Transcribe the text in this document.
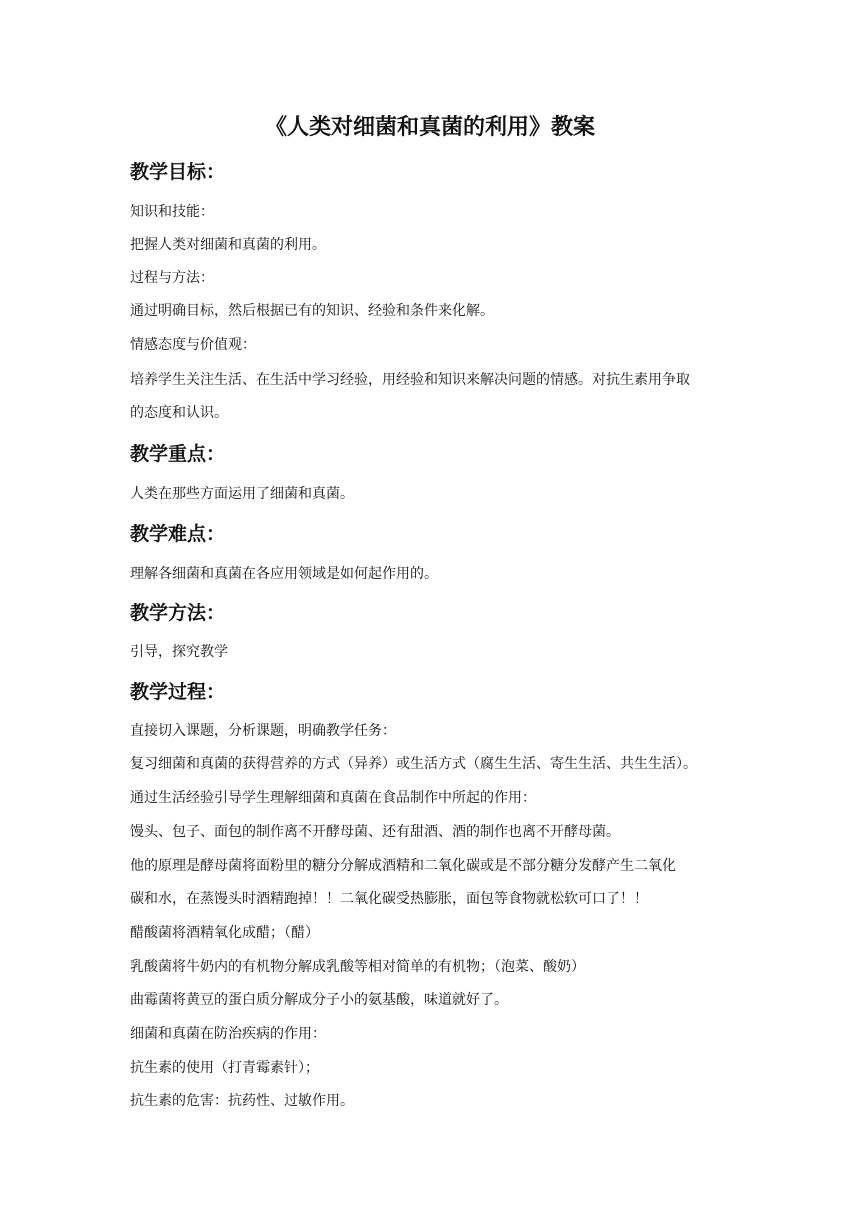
《人类对细菌和真菌的利用》教案
教学目标：
知识和技能：
把握人类对细菌和真菌的利用。
过程与方法：
通过明确目标，然后根据已有的知识、经验和条件来化解。
情感态度与价值观：
培养学生关注生活、在生活中学习经验，用经验和知识来解决问题的情感。对抗生素用争取
的态度和认识。
教学重点：
人类在那些方面运用了细菌和真菌。
教学难点：
理解各细菌和真菌在各应用领域是如何起作用的。
教学方法：
引导，探究教学
教学过程：
直接切入课题，分析课题，明确教学任务：
复习细菌和真菌的获得营养的方式（异养）或生活方式（腐生生活、寄生生活、共生生活）。
通过生活经验引导学生理解细菌和真菌在食品制作中所起的作用：
馒头、包子、面包的制作离不开酵母菌、还有甜酒、酒的制作也离不开酵母菌。
他的原理是酵母菌将面粉里的糖分分解成酒精和二氧化碳或是不部分糖分发酵产生二氧化
碳和水，在蒸馒头时酒精跑掉！！二氧化碳受热膨胀，面包等食物就松软可口了！！
醋酸菌将酒精氧化成醋；（醋）
乳酸菌将牛奶内的有机物分解成乳酸等相对简单的有机物；（泡菜、酸奶）
曲霉菌将黄豆的蛋白质分解成分子小的氨基酸，味道就好了。
细菌和真菌在防治疾病的作用：
抗生素的使用（打青霉素针）；
抗生素的危害：抗药性、过敏作用。
